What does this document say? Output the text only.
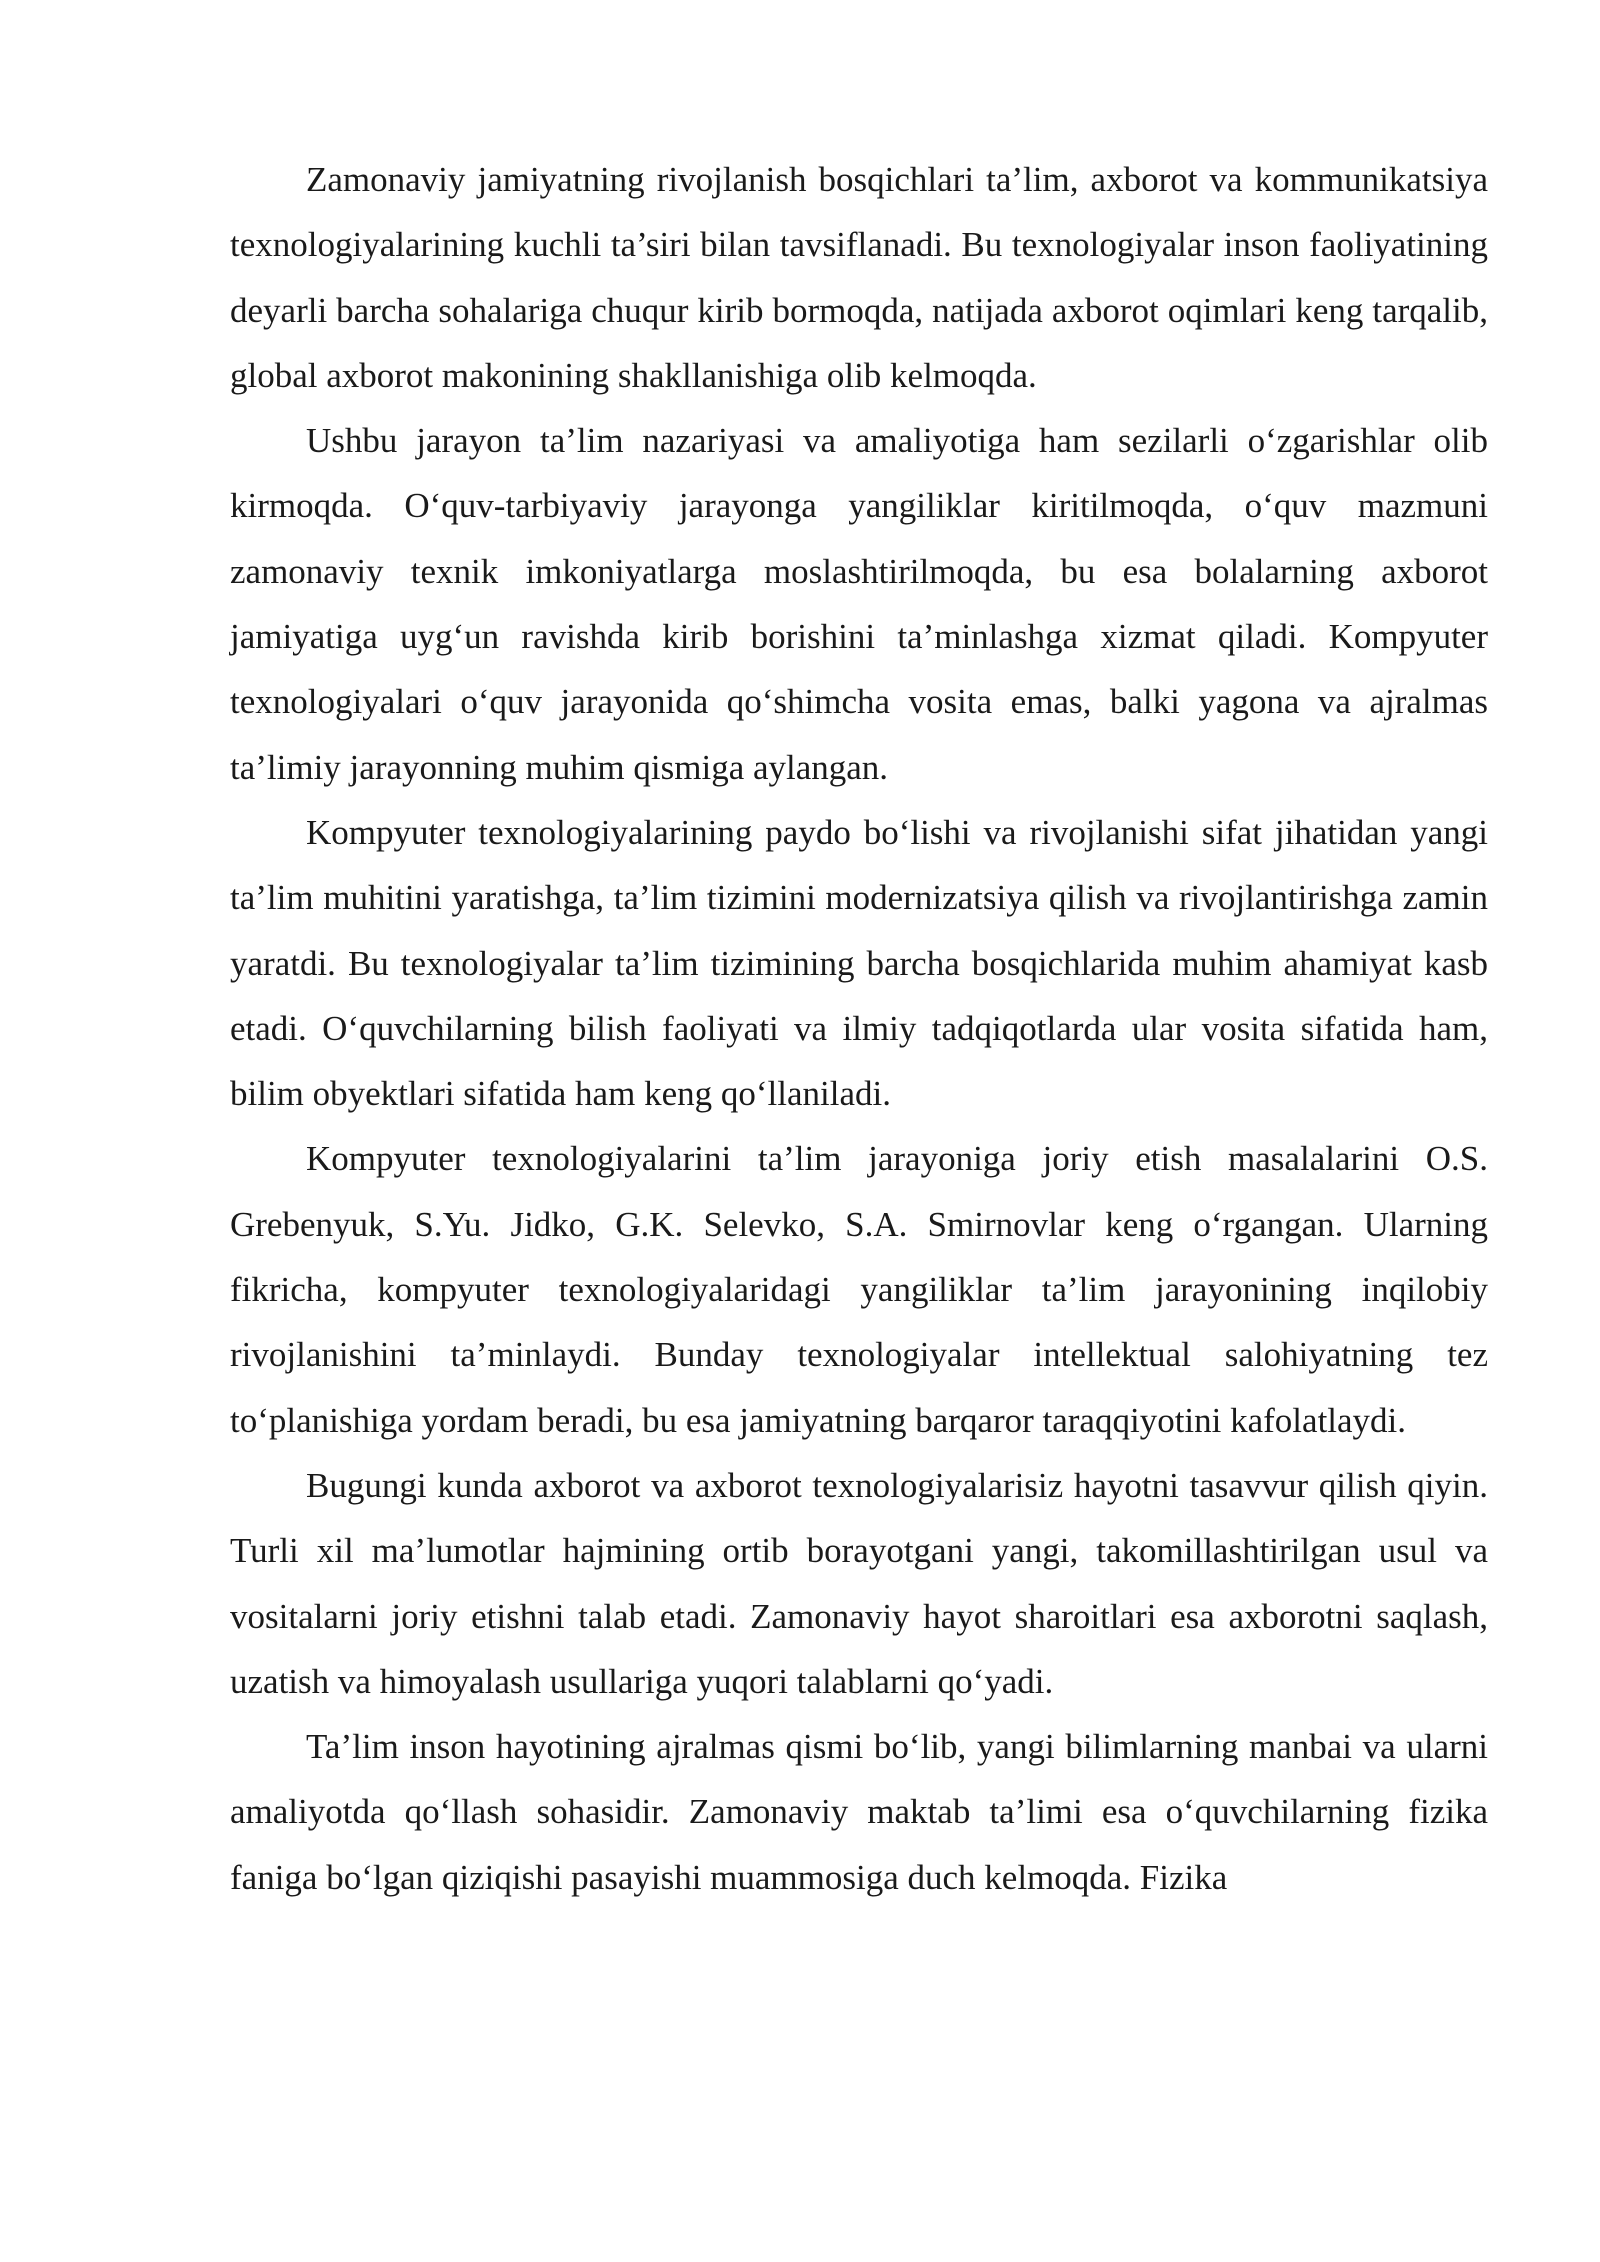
Zamonaviy jamiyatning rivojlanish bosqichlari ta’lim, axborot va kommunikatsiya texnologiyalarining kuchli ta’siri bilan tavsiflanadi. Bu texnologiyalar inson faoliyatining deyarli barcha sohalariga chuqur kirib bormoqda, natijada axborot oqimlari keng tarqalib, global axborot makonining shakllanishiga olib kelmoqda.

Ushbu jarayon ta’lim nazariyasi va amaliyotiga ham sezilarli o‘zgarishlar olib kirmoqda. O‘quv-tarbiyaviy jarayonga yangiliklar kiritilmoqda, o‘quv mazmuni zamonaviy texnik imkoniyatlarga moslashtirilmoqda, bu esa bolalarning axborot jamiyatiga uyg‘un ravishda kirib borishini ta’minlashga xizmat qiladi. Kompyuter texnologiyalari o‘quv jarayonida qo‘shimcha vosita emas, balki yagona va ajralmas ta’limiy jarayonning muhim qismiga aylangan.

Kompyuter texnologiyalarining paydo bo‘lishi va rivojlanishi sifat jihatidan yangi ta’lim muhitini yaratishga, ta’lim tizimini modernizatsiya qilish va rivojlantirishga zamin yaratdi. Bu texnologiyalar ta’lim tizimining barcha bosqichlarida muhim ahamiyat kasb etadi. O‘quvchilarning bilish faoliyati va ilmiy tadqiqotlarda ular vosita sifatida ham, bilim obyektlari sifatida ham keng qo‘llaniladi.

Kompyuter texnologiyalarini ta’lim jarayoniga joriy etish masalalarini O.S. Grebenyuk, S.Yu. Jidko, G.K. Selevko, S.A. Smirnovlar keng o‘rgangan. Ularning fikricha, kompyuter texnologiyalaridagi yangiliklar ta’lim jarayonining inqilobiy rivojlanishini ta’minlaydi. Bunday texnologiyalar intellektual salohiyatning tez to‘planishiga yordam beradi, bu esa jamiyatning barqaror taraqqiyotini kafolatlaydi.

Bugungi kunda axborot va axborot texnologiyalarisiz hayotni tasavvur qilish qiyin. Turli xil ma’lumotlar hajmining ortib borayotgani yangi, takomillashtirilgan usul va vositalarni joriy etishni talab etadi. Zamonaviy hayot sharoitlari esa axborotni saqlash, uzatish va himoyalash usullariga yuqori talablarni qo‘yadi.

Ta’lim inson hayotining ajralmas qismi bo‘lib, yangi bilimlarning manbai va ularni amaliyotda qo‘llash sohasidir. Zamonaviy maktab ta’limi esa o‘quvchilarning fizika faniga bo‘lgan qiziqishi pasayishi muammosiga duch kelmoqda. Fizika
